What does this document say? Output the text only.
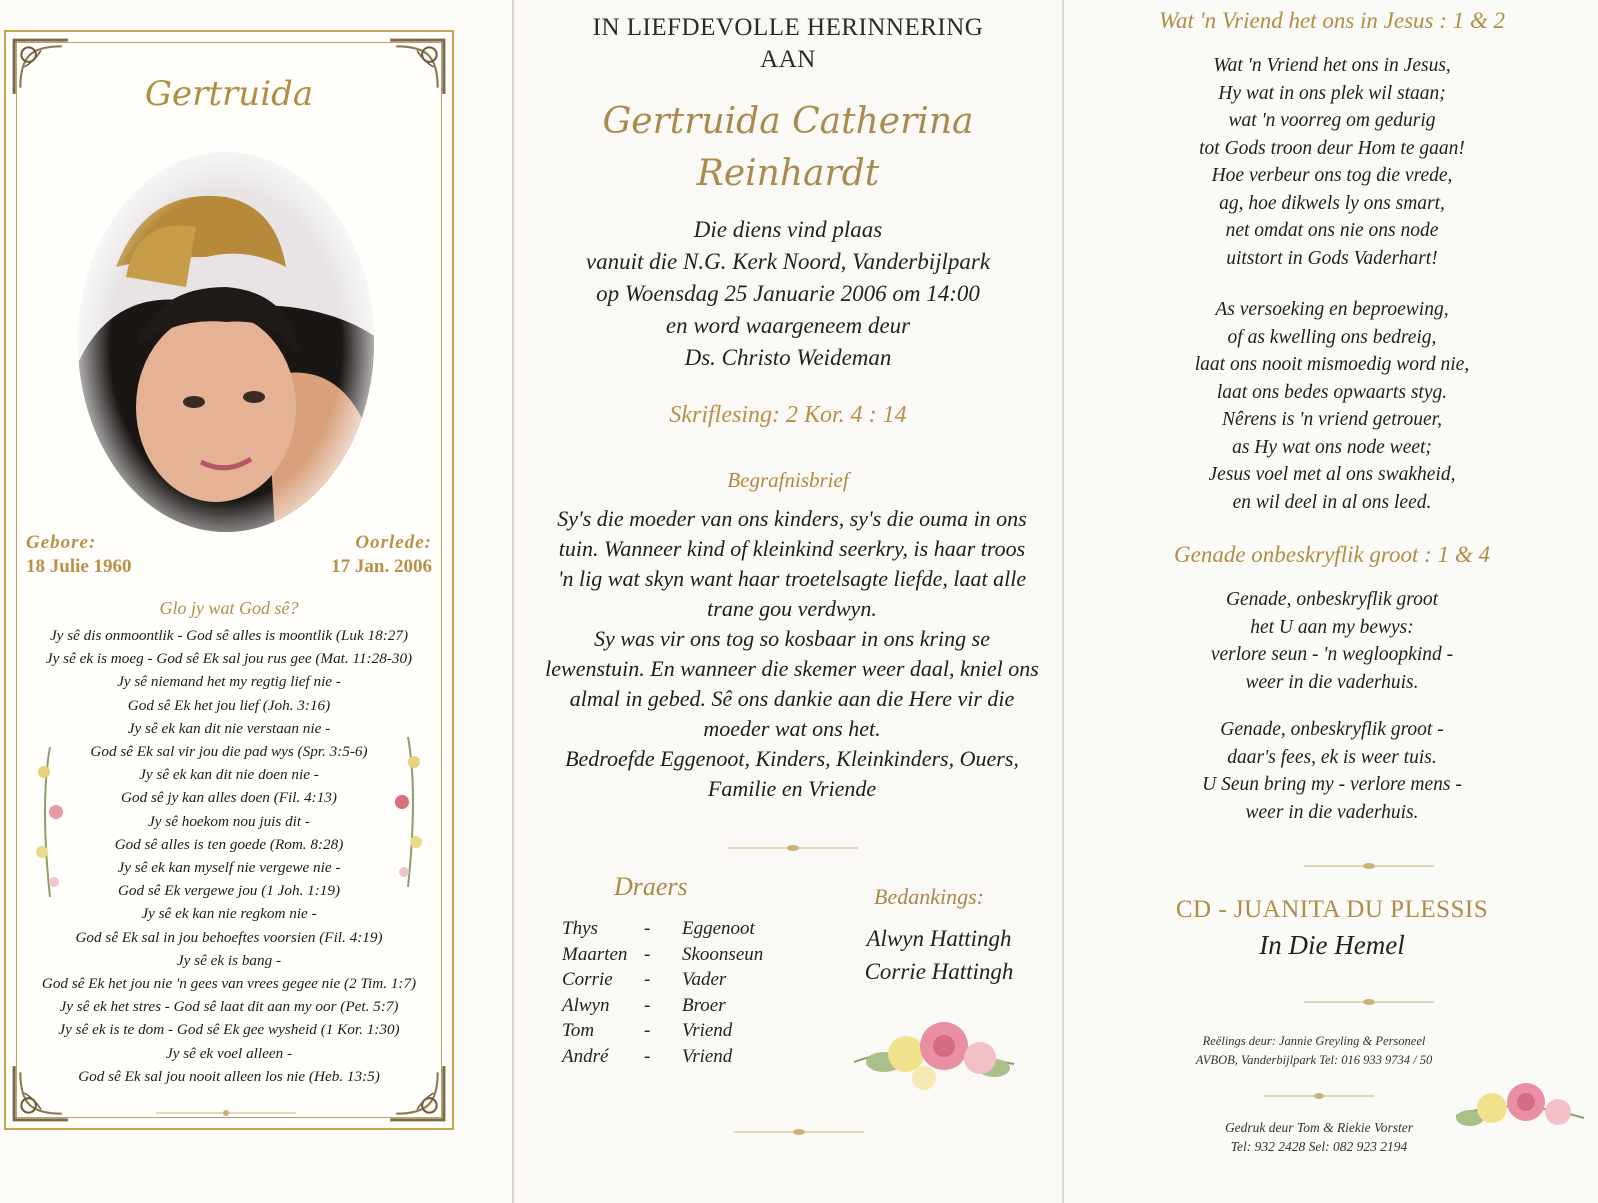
Gertruida
Gebore:
18 Julie 1960
Oorlede:
17 Jan. 2006
Glo jy wat God sê?
Jy sê dis onmoontlik - God sê alles is moontlik (Luk 18:27)
Jy sê ek is moeg - God sê Ek sal jou rus gee (Mat. 11:28-30)
Jy sê niemand het my regtig lief nie -
God sê Ek het jou lief (Joh. 3:16)
Jy sê ek kan dit nie verstaan nie -
God sê Ek sal vir jou die pad wys (Spr. 3:5-6)
Jy sê ek kan dit nie doen nie -
God sê jy kan alles doen (Fil. 4:13)
Jy sê hoekom nou juis dit -
God sê alles is ten goede (Rom. 8:28)
Jy sê ek kan myself nie vergewe nie -
God sê Ek vergewe jou (1 Joh. 1:19)
Jy sê ek kan nie regkom nie -
God sê Ek sal in jou behoeftes voorsien (Fil. 4:19)
Jy sê ek is bang -
God sê Ek het jou nie 'n gees van vrees gegee nie (2 Tim. 1:7)
Jy sê ek het stres - God sê laat dit aan my oor (Pet. 5:7)
Jy sê ek is te dom - God sê Ek gee wysheid (1 Kor. 1:30)
Jy sê ek voel alleen -
God sê Ek sal jou nooit alleen los nie (Heb. 13:5)
IN LIEFDEVOLLE HERINNERING
AAN
Gertruida Catherina
Reinhardt
Die diens vind plaas
vanuit die N.G. Kerk Noord, Vanderbijlpark
op Woensdag 25 Januarie 2006 om 14:00
en word waargeneem deur
Ds. Christo Weideman
Skriflesing: 2 Kor. 4 : 14
Begrafnisbrief
Sy's die moeder van ons kinders, sy's die ouma in ons
tuin. Wanneer kind of kleinkind seerkry, is haar troos
'n lig wat skyn want haar troetelsagte liefde, laat alle
trane gou verdwyn.
Sy was vir ons tog so kosbaar in ons kring se
lewenstuin. En wanneer die skemer weer daal, kniel ons
almal in gebed. Sê ons dankie aan die Here vir die
moeder wat ons het.
Bedroefde Eggenoot, Kinders, Kleinkinders, Ouers,
Familie en Vriende
Draers
Thys	-	Eggenoot
Maarten -	Skoonseun
Corrie	-	Vader
Alwyn	-	Broer
Tom	-	Vriend
André	-	Vriend
Bedankings:
Alwyn Hattingh
Corrie Hattingh
Wat 'n Vriend het ons in Jesus : 1 & 2
Wat 'n Vriend het ons in Jesus,
Hy wat in ons plek wil staan;
wat 'n voorreg om gedurig
tot Gods troon deur Hom te gaan!
Hoe verbeur ons tog die vrede,
ag, hoe dikwels ly ons smart,
net omdat ons nie ons node
uitstort in Gods Vaderhart!
As versoeking en beproewing,
of as kwelling ons bedreig,
laat ons nooit mismoedig word nie,
laat ons bedes opwaarts styg.
Nêrens is 'n vriend getrouer,
as Hy wat ons node weet;
Jesus voel met al ons swakheid,
en wil deel in al ons leed.
Genade onbeskryflik groot : 1 & 4
Genade, onbeskryflik groot
het U aan my bewys:
verlore seun - 'n wegloopkind -
weer in die vaderhuis.
Genade, onbeskryflik groot -
daar's fees, ek is weer tuis.
U Seun bring my - verlore mens -
weer in die vaderhuis.
CD - JUANITA DU PLESSIS
In Die Hemel
Reëlings deur: Jannie Greyling & Personeel
AVBOB, Vanderbijlpark Tel: 016 933 9734 / 50
Gedruk deur Tom & Riekie Vorster
Tel: 932 2428 Sel: 082 923 2194
